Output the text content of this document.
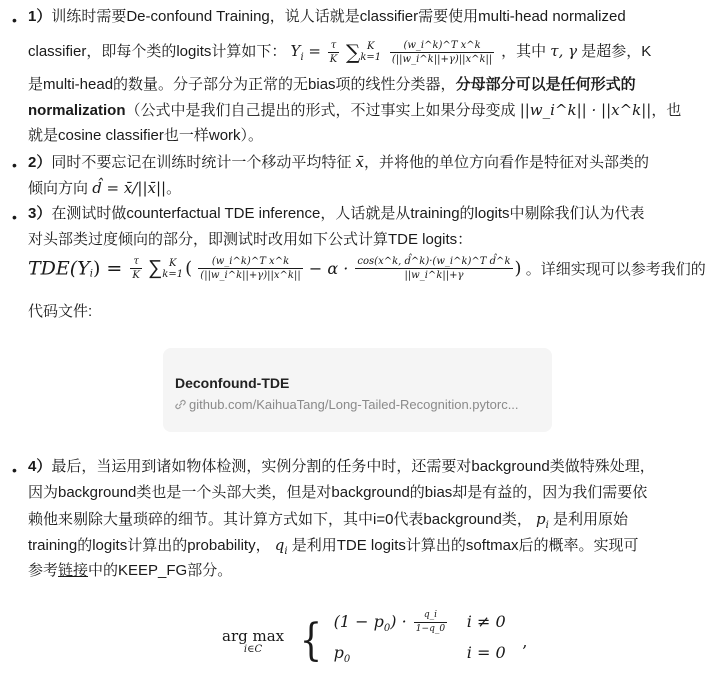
• 1）训练时需要De-confound Training，说人话就是classifier需要使用multi-head normalized
classifier，即每个类的logits计算如下： $Y_i = \frac{\tau}{K}$ ∑ K
k=1
$\frac{\text{(w\_i\textasciicircum{}k)\textasciicircum{}T x\textasciicircum{}k}}{(||w\_i\^{}k||+\gamma)||x\^{}k||}$ ，其中 τ, γ 是超参，K
是multi-head的数量。分子部分为正常的无bias项的线性分类器，分母部分可以是任何形式的
normalization（公式中是我们自己提出的形式，不过事实上如果分母变成 ||w_i^k|| · ||x^k||，也
就是cosine classifier也一样work）。
• 2）同时不要忘记在训练时统计一个移动平均特征 x̄，并将他的单位方向看作是特征对头部类的
倾向方向 d̂ = x̄/||x̄||。
• 3）在测试时做counterfactual TDE inference，人话就是从training的logits中剔除我们认为代表
对头部类过度倾向的部分，即测试时改用如下公式计算TDE logits：
$TDE(Y_i) = \frac{\tau}{K}$ ∑ K
k=1 ( $\frac{\text{(w\_i\textasciicircum{}k)\textasciicircum{}T x\textasciicircum{}k}}{(||w\_i\^{}k||+\gamma)||x\^{}k||} - \alpha \cdot \frac{\text{cos(x\textasciicircum{}k, d̂\textasciicircum{}k)·(w\_i\textasciicircum{}k)\textasciicircum{}T d̂\textasciicircum{}k}}{||w\_i\^{}k||+\gamma}$ ) 。详细实现可以参考我们的
代码文件:
Deconfound-TDE
github.com/KaihuaTang/Long-Tailed-Recognition.pytorc...
• 4）最后，当运用到诸如物体检测，实例分割的任务中时，还需要对background类做特殊处理，
因为background类也是一个头部大类，但是对background的bias却是有益的，因为我们需要依
赖他来剔除大量琐碎的细节。其计算方式如下，其中i=0代表background类， $p_i$ 是利用原始
training的logits计算出的probability， $q_i$ 是利用TDE logits计算出的softmax后的概率。实现可
参考链接中的KEEP_FG部分。
arg max
i∈C { $(1 - p_0) \cdot \frac{q\_i}{1-q\_0}$ i ≠ 0
$p_0$	i = 0
,
